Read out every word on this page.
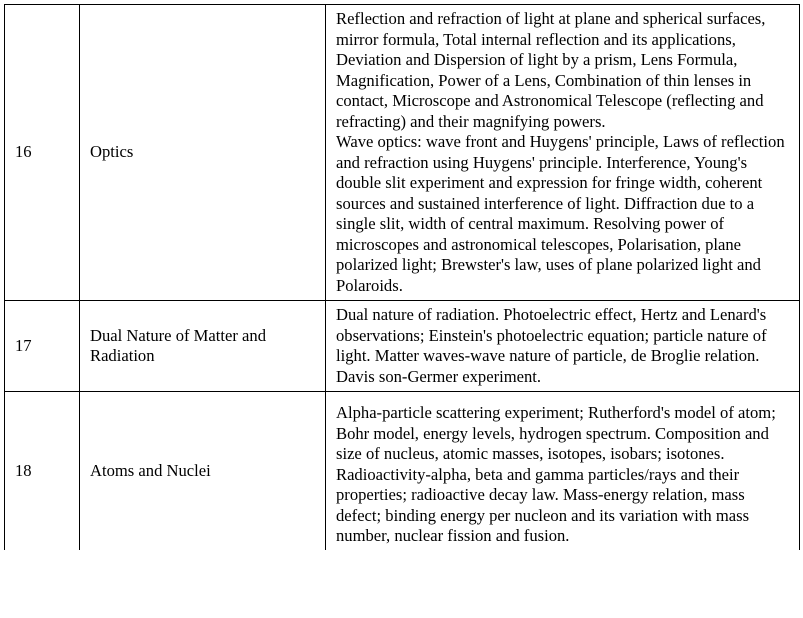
16	Optics	Reflection and refraction of light at plane and spherical surfaces, mirror formula, Total internal reflection and its applications, Deviation and Dispersion of light by a prism, Lens Formula, Magnification, Power of a Lens, Combination of thin lenses in contact, Microscope and Astronomical Telescope (reflecting and refracting) and their magnifying powers.

Wave optics: wave front and Huygens' principle, Laws of reflection and refraction using Huygens' principle. Interference, Young's double slit experiment and expression for fringe width, coherent sources and sustained interference of light. Diffraction due to a single slit, width of central maximum. Resolving power of microscopes and astronomical telescopes, Polarisation, plane polarized light; Brewster's law, uses of plane polarized light and Polaroids.

17	Dual Nature of Matter and Radiation	Dual nature of radiation. Photoelectric effect, Hertz and Lenard's observations; Einstein's photoelectric equation; particle nature of light. Matter waves-wave nature of particle, de Broglie relation. Davis son-Germer experiment.

18	Atoms and Nuclei	Alpha-particle scattering experiment; Rutherford's model of atom; Bohr model, energy levels, hydrogen spectrum. Composition and size of nucleus, atomic masses, isotopes, isobars; isotones. Radioactivity-alpha, beta and gamma particles/rays and their properties; radioactive decay law. Mass-energy relation, mass defect; binding energy per nucleon and its variation with mass number, nuclear fission and fusion.
